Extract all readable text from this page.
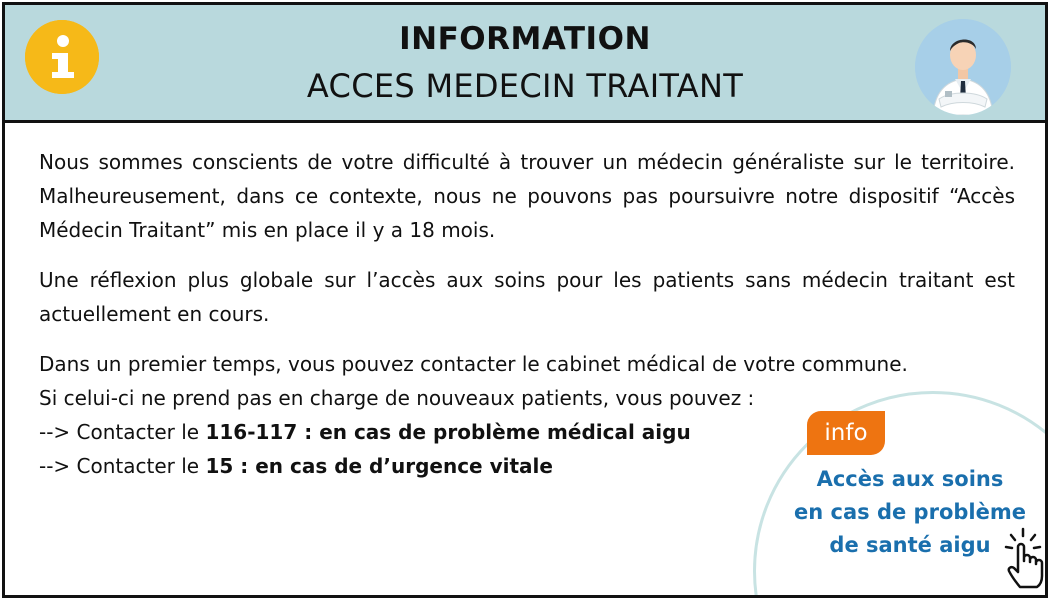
INFORMATION
ACCES MEDECIN TRAITANT

Nous sommes conscients de votre difficulté à trouver un médecin généraliste sur le territoire. Malheureusement, dans ce contexte, nous ne pouvons pas poursuivre notre dispositif “Accès Médecin Traitant” mis en place il y a 18 mois.

Une réflexion plus globale sur l’accès aux soins pour les patients sans médecin traitant est actuellement en cours.

Dans un premier temps, vous pouvez contacter le cabinet médical de votre commune.
Si celui-ci ne prend pas en charge de nouveaux patients, vous pouvez :
--> Contacter le 116-117 : en cas de problème médical aigu
--> Contacter le 15 : en cas de d’urgence vitale
info
Accès aux soins
en cas de problème
de santé aigu
